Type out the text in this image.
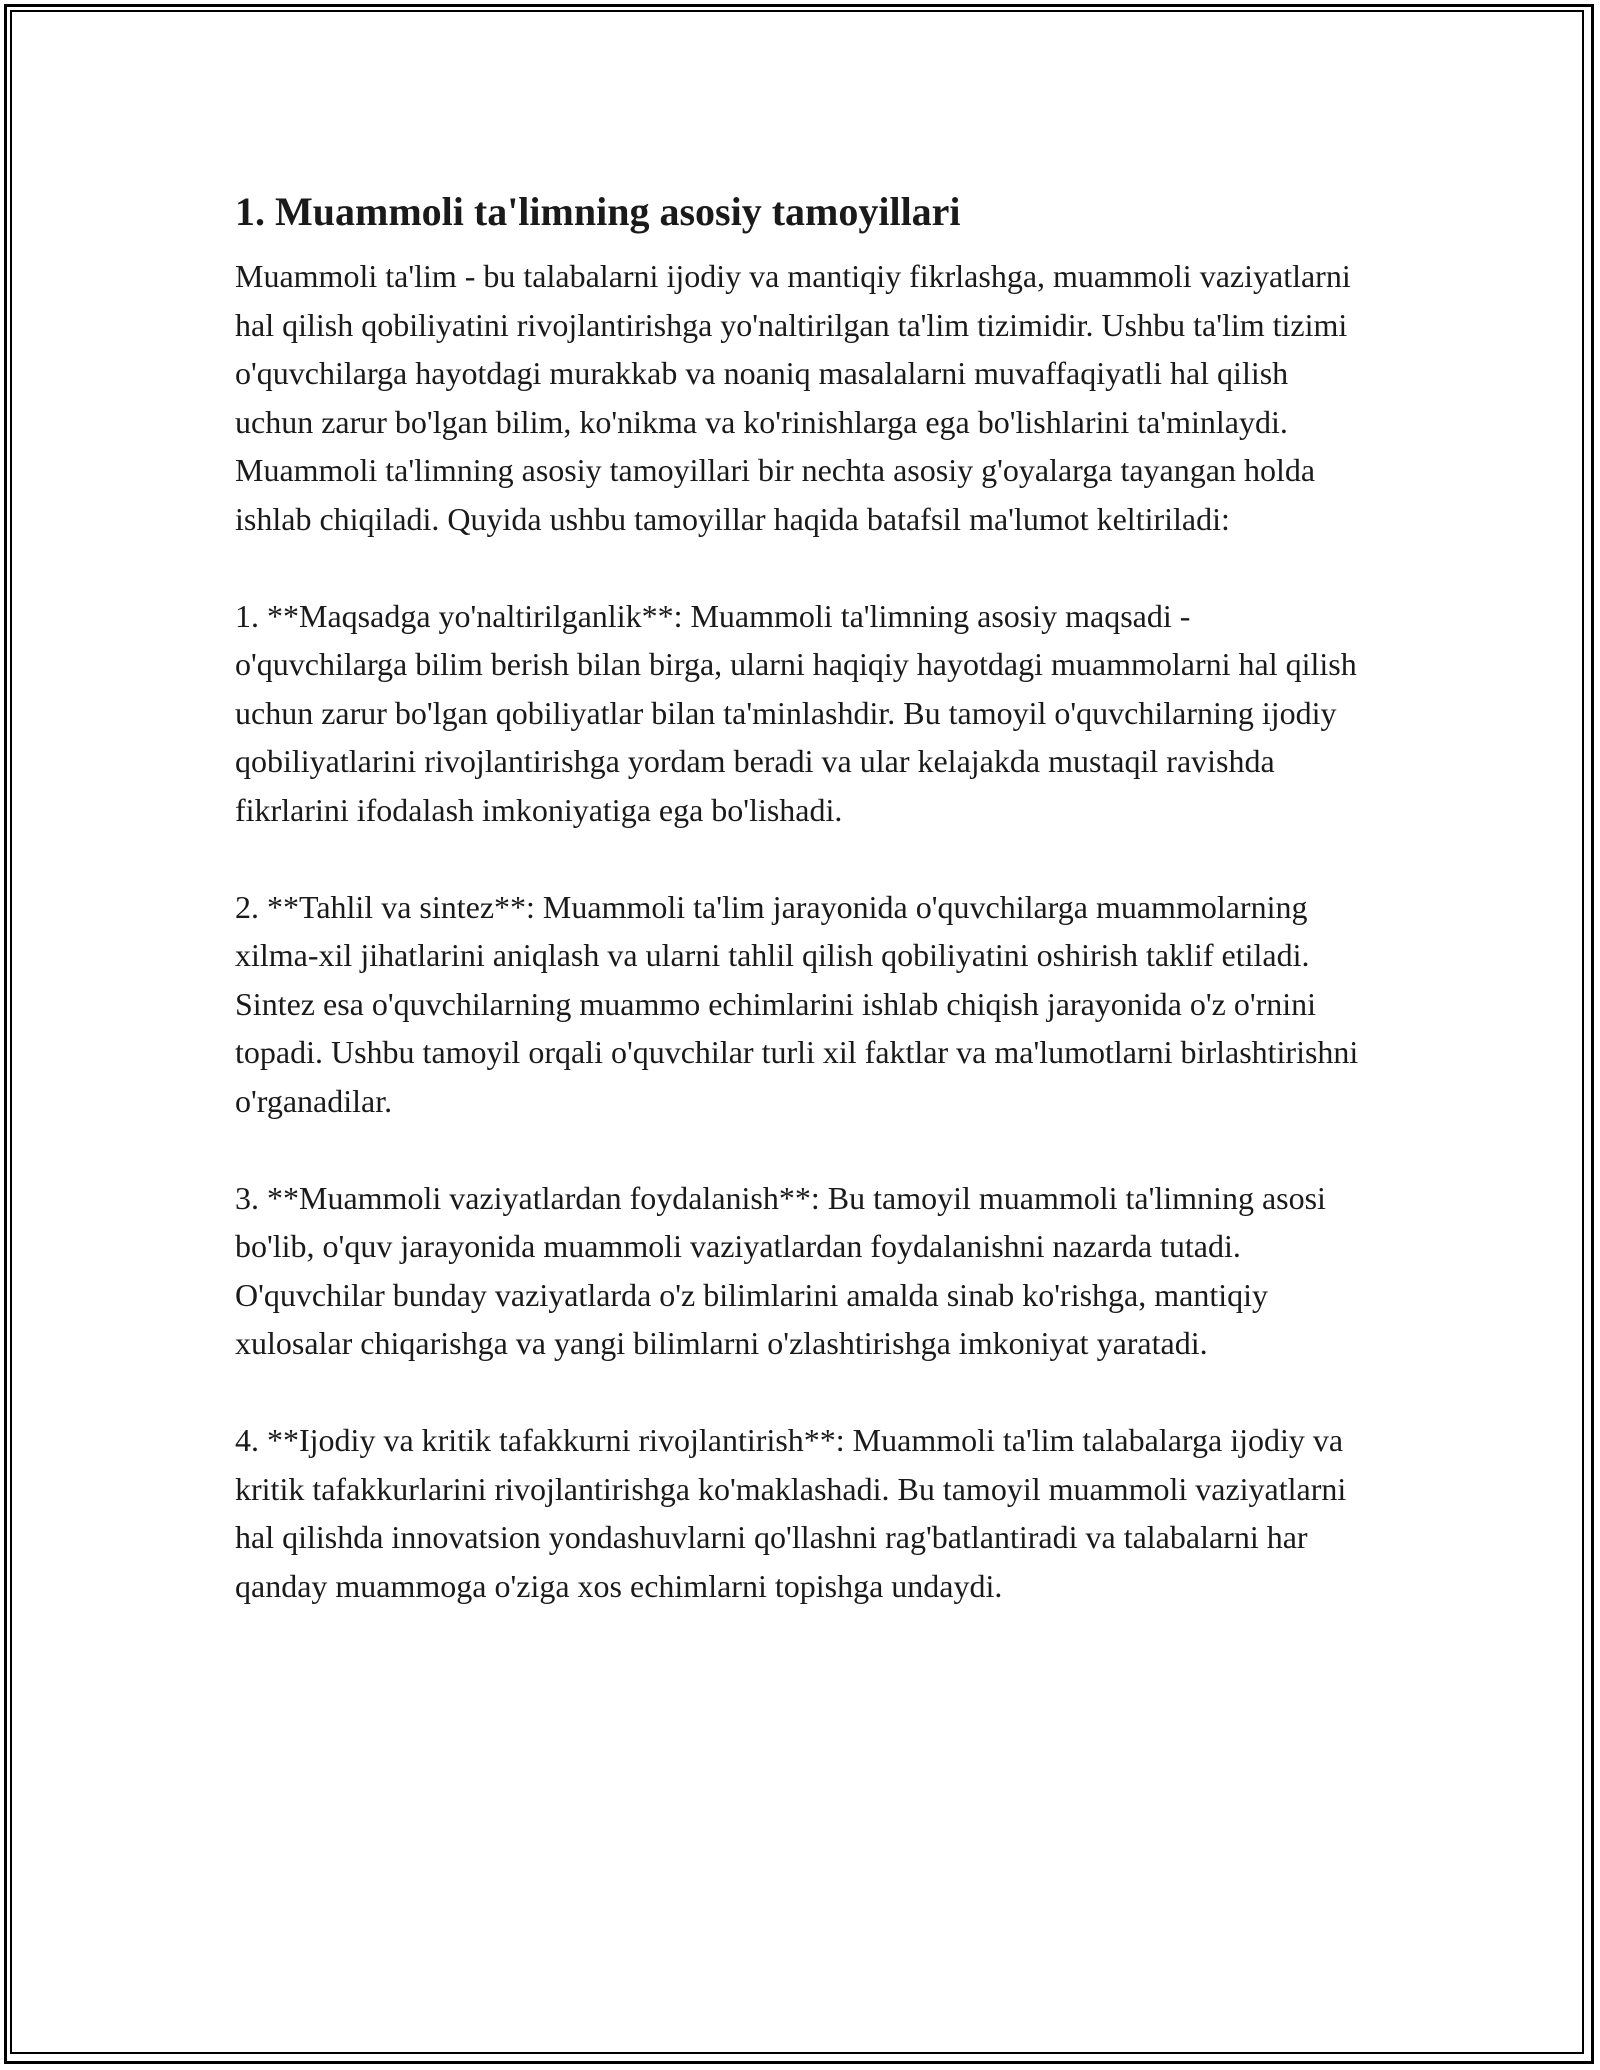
1. Muammoli ta'limning asosiy tamoyillari

Muammoli ta'lim - bu talabalarni ijodiy va mantiqiy fikrlashga, muammoli vaziyatlarni hal qilish qobiliyatini rivojlantirishga yo'naltirilgan ta'lim tizimidir. Ushbu ta'lim tizimi o'quvchilarga hayotdagi murakkab va noaniq masalalarni muvaffaqiyatli hal qilish uchun zarur bo'lgan bilim, ko'nikma va ko'rinishlarga ega bo'lishlarini ta'minlaydi. Muammoli ta'limning asosiy tamoyillari bir nechta asosiy g'oyalarga tayangan holda ishlab chiqiladi. Quyida ushbu tamoyillar haqida batafsil ma'lumot keltiriladi:

1. **Maqsadga yo'naltirilganlik**: Muammoli ta'limning asosiy maqsadi - o'quvchilarga bilim berish bilan birga, ularni haqiqiy hayotdagi muammolarni hal qilish uchun zarur bo'lgan qobiliyatlar bilan ta'minlashdir. Bu tamoyil o'quvchilarning ijodiy qobiliyatlarini rivojlantirishga yordam beradi va ular kelajakda mustaqil ravishda fikrlarini ifodalash imkoniyatiga ega bo'lishadi.

2. **Tahlil va sintez**: Muammoli ta'lim jarayonida o'quvchilarga muammolarning xilma-xil jihatlarini aniqlash va ularni tahlil qilish qobiliyatini oshirish taklif etiladi. Sintez esa o'quvchilarning muammo echimlarini ishlab chiqish jarayonida o'z o'rnini topadi. Ushbu tamoyil orqali o'quvchilar turli xil faktlar va ma'lumotlarni birlashtirishni o'rganadilar.

3. **Muammoli vaziyatlardan foydalanish**: Bu tamoyil muammoli ta'limning asosi bo'lib, o'quv jarayonida muammoli vaziyatlardan foydalanishni nazarda tutadi. O'quvchilar bunday vaziyatlarda o'z bilimlarini amalda sinab ko'rishga, mantiqiy xulosalar chiqarishga va yangi bilimlarni o'zlashtirishga imkoniyat yaratadi.

4. **Ijodiy va kritik tafakkurni rivojlantirish**: Muammoli ta'lim talabalarga ijodiy va kritik tafakkurlarini rivojlantirishga ko'maklashadi. Bu tamoyil muammoli vaziyatlarni hal qilishda innovatsion yondashuvlarni qo'llashni rag'batlantiradi va talabalarni har qanday muammoga o'ziga xos echimlarni topishga undaydi.
